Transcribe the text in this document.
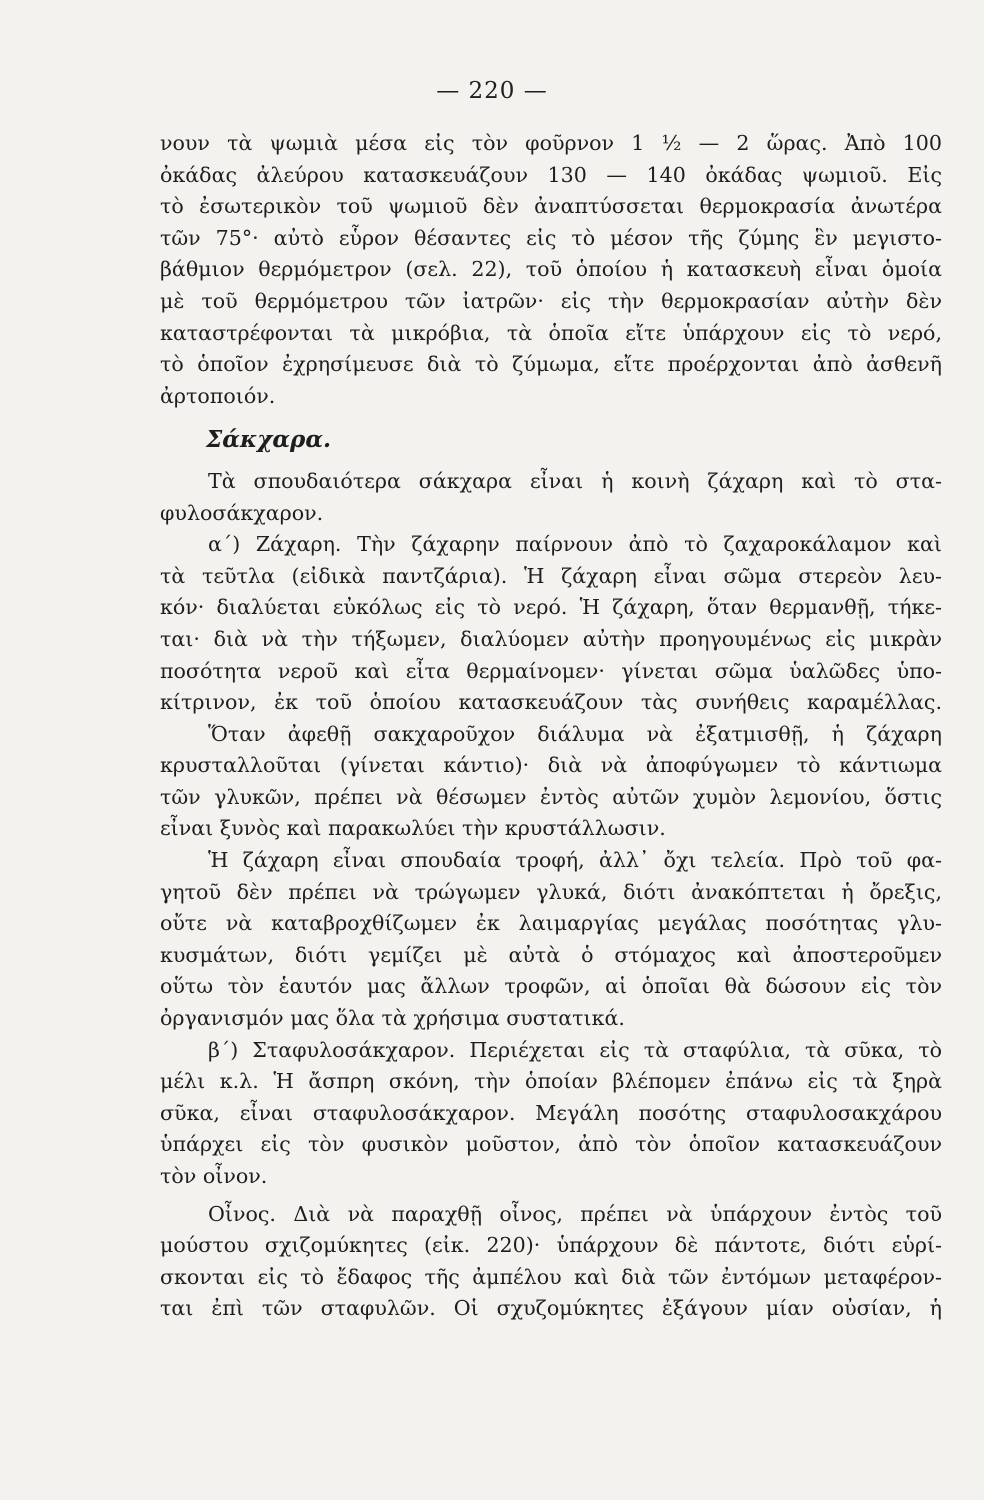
— 220 —
νουν τὰ ψωμιὰ μέσα εἰς τὸν φοῦρνον 1 ½ — 2 ὥρας. Ἀπὸ 100
ὀκάδας ἀλεύρου κατασκευάζουν 130 — 140 ὀκάδας ψωμιοῦ. Εἰς
τὸ ἐσωτερικὸν τοῦ ψωμιοῦ δὲν ἀναπτύσσεται θερμοκρασία ἀνωτέρα
τῶν 75°· αὐτὸ εὗρον θέσαντες εἰς τὸ μέσον τῆς ζύμης ἓν μεγιστο-
βάθμιον θερμόμετρον (σελ. 22), τοῦ ὁποίου ἡ κατασκευὴ εἶναι ὁμοία
μὲ τοῦ θερμόμετρου τῶν ἰατρῶν· εἰς τὴν θερμοκρασίαν αὐτὴν δὲν
καταστρέφονται τὰ μικρόβια, τὰ ὁποῖα εἴτε ὑπάρχουν εἰς τὸ νερό,
τὸ ὁποῖον ἐχρησίμευσε διὰ τὸ ζύμωμα, εἴτε προέρχονται ἀπὸ ἀσθενῆ
ἀρτοποιόν.
Σάκχαρα.
Τὰ σπουδαιότερα σάκχαρα εἶναι ἡ κοινὴ ζάχαρη καὶ τὸ στα-
φυλοσάκχαρον.
α΄) Ζάχαρη. Τὴν ζάχαρην παίρνουν ἀπὸ τὸ ζαχαροκάλαμον καὶ
τὰ τεῦτλα (εἰδικὰ παντζάρια). Ἡ ζάχαρη εἶναι σῶμα στερεὸν λευ-
κόν· διαλύεται εὐκόλως εἰς τὸ νερό. Ἡ ζάχαρη, ὅταν θερμανθῇ, τήκε-
ται· διὰ νὰ τὴν τήξωμεν, διαλύομεν αὐτὴν προηγουμένως εἰς μικρὰν
ποσότητα νεροῦ καὶ εἶτα θερμαίνομεν· γίνεται σῶμα ὑαλῶδες ὑπο-
κίτρινον, ἐκ τοῦ ὁποίου κατασκευάζουν τὰς συνήθεις καραμέλλας.
Ὅταν ἀφεθῇ σακχαροῦχον διάλυμα νὰ ἐξατμισθῇ, ἡ ζάχαρη
κρυσταλλοῦται (γίνεται κάντιο)· διὰ νὰ ἀποφύγωμεν τὸ κάντιωμα
τῶν γλυκῶν, πρέπει νὰ θέσωμεν ἐντὸς αὐτῶν χυμὸν λεμονίου, ὅστις
εἶναι ξυνὸς καὶ παρακωλύει τὴν κρυστάλλωσιν.
Ἡ ζάχαρη εἶναι σπουδαία τροφή, ἀλλ᾽ ὄχι τελεία. Πρὸ τοῦ φα-
γητοῦ δὲν πρέπει νὰ τρώγωμεν γλυκά, διότι ἀνακόπτεται ἡ ὄρεξις,
οὔτε νὰ καταβροχθίζωμεν ἐκ λαιμαργίας μεγάλας ποσότητας γλυ-
κυσμάτων, διότι γεμίζει μὲ αὐτὰ ὁ στόμαχος καὶ ἀποστεροῦμεν
οὕτω τὸν ἑαυτόν μας ἄλλων τροφῶν, αἱ ὁποῖαι θὰ δώσουν εἰς τὸν
ὀργανισμόν μας ὅλα τὰ χρήσιμα συστατικά.
β΄) Σταφυλοσάκχαρον. Περιέχεται εἰς τὰ σταφύλια, τὰ σῦκα, τὸ
μέλι κ.λ. Ἡ ἄσπρη σκόνη, τὴν ὁποίαν βλέπομεν ἐπάνω εἰς τὰ ξηρὰ
σῦκα, εἶναι σταφυλοσάκχαρον. Μεγάλη ποσότης σταφυλοσακχάρου
ὑπάρχει εἰς τὸν φυσικὸν μοῦστον, ἀπὸ τὸν ὁποῖον κατασκευάζουν
τὸν οἶνον.
Οἶνος. Διὰ νὰ παραχθῇ οἶνος, πρέπει νὰ ὑπάρχουν ἐντὸς τοῦ
μούστου σχιζομύκητες (εἰκ. 220)· ὑπάρχουν δὲ πάντοτε, διότι εὑρί-
σκονται εἰς τὸ ἔδαφος τῆς ἀμπέλου καὶ διὰ τῶν ἐντόμων μεταφέρον-
ται ἐπὶ τῶν σταφυλῶν. Οἱ σχυζομύκητες ἐξάγουν μίαν οὐσίαν, ἡ
